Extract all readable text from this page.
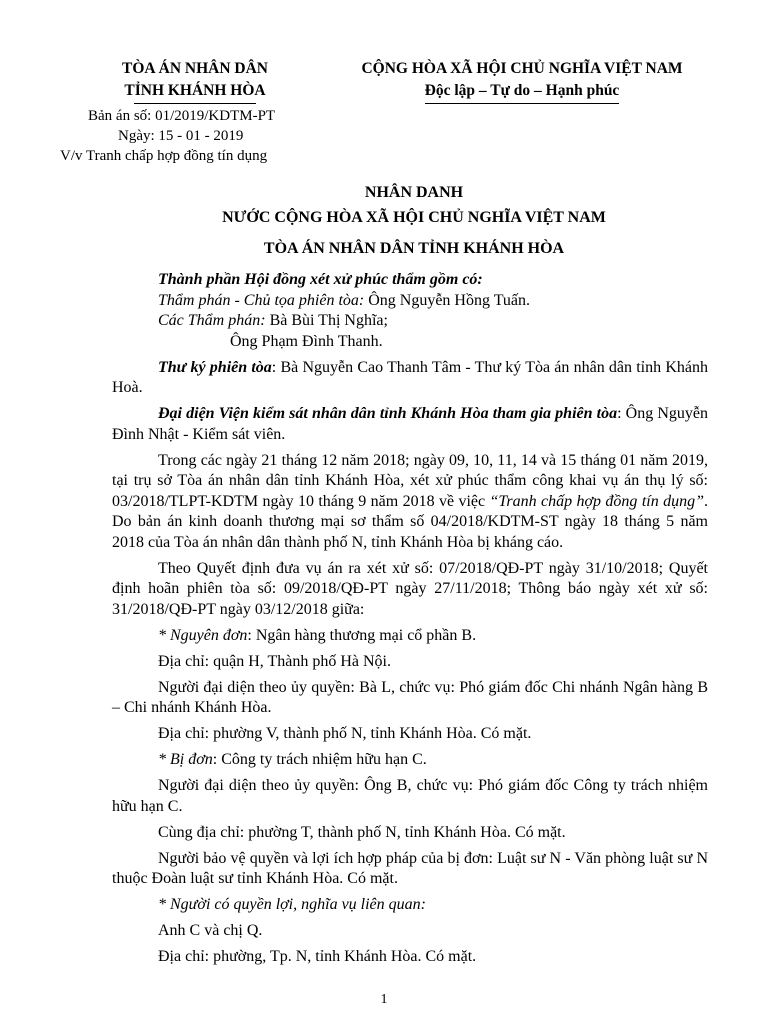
TÒA ÁN NHÂN DÂN
TỈNH KHÁNH HÒA
CỘNG HÒA XÃ HỘI CHỦ NGHĨA VIỆT NAM
Độc lập – Tự do – Hạnh phúc
Bản án số: 01/2019/KDTM-PT
Ngày: 15 - 01 - 2019
V/v Tranh chấp hợp đồng tín dụng
NHÂN DANH
NƯỚC CỘNG HÒA XÃ HỘI CHỦ NGHĨA VIỆT NAM
TÒA ÁN NHÂN DÂN TỈNH KHÁNH HÒA

Thành phần Hội đồng xét xử phúc thẩm gồm có:

Thẩm phán - Chủ tọa phiên tòa: Ông Nguyễn Hồng Tuấn.

Các Thẩm phán: Bà Bùi Thị Nghĩa;

Ông Phạm Đình Thanh.

Thư ký phiên tòa: Bà Nguyễn Cao Thanh Tâm - Thư ký Tòa án nhân dân tỉnh Khánh Hoà.

Đại diện Viện kiểm sát nhân dân tỉnh Khánh Hòa tham gia phiên tòa: Ông Nguyễn Đình Nhật - Kiểm sát viên.

Trong các ngày 21 tháng 12 năm 2018; ngày 09, 10, 11, 14 và 15 tháng 01 năm 2019, tại trụ sở Tòa án nhân dân tỉnh Khánh Hòa, xét xử phúc thẩm công khai vụ án thụ lý số: 03/2018/TLPT-KDTM ngày 10 tháng 9 năm 2018 về việc “Tranh chấp hợp đồng tín dụng”. Do bản án kinh doanh thương mại sơ thẩm số 04/2018/KDTM-ST ngày 18 tháng 5 năm 2018 của Tòa án nhân dân thành phố N, tỉnh Khánh Hòa bị kháng cáo.

Theo Quyết định đưa vụ án ra xét xử số: 07/2018/QĐ-PT ngày 31/10/2018; Quyết định hoãn phiên tòa số: 09/2018/QĐ-PT ngày 27/11/2018; Thông báo ngày xét xử số: 31/2018/QĐ-PT ngày 03/12/2018 giữa:

* Nguyên đơn: Ngân hàng thương mại cổ phần B.

Địa chỉ: quận H, Thành phố Hà Nội.

Người đại diện theo ủy quyền: Bà L, chức vụ: Phó giám đốc Chi nhánh Ngân hàng B – Chi nhánh Khánh Hòa.

Địa chỉ: phường V, thành phố N, tỉnh Khánh Hòa. Có mặt.

* Bị đơn: Công ty trách nhiệm hữu hạn C.

Người đại diện theo ủy quyền: Ông B, chức vụ: Phó giám đốc Công ty trách nhiệm hữu hạn C.

Cùng địa chỉ: phường T, thành phố N, tỉnh Khánh Hòa. Có mặt.

Người bảo vệ quyền và lợi ích hợp pháp của bị đơn: Luật sư N - Văn phòng luật sư N thuộc Đoàn luật sư tỉnh Khánh Hòa. Có mặt.

* Người có quyền lợi, nghĩa vụ liên quan:

Anh C và chị Q.

Địa chỉ: phường, Tp. N, tỉnh Khánh Hòa. Có mặt.

1
